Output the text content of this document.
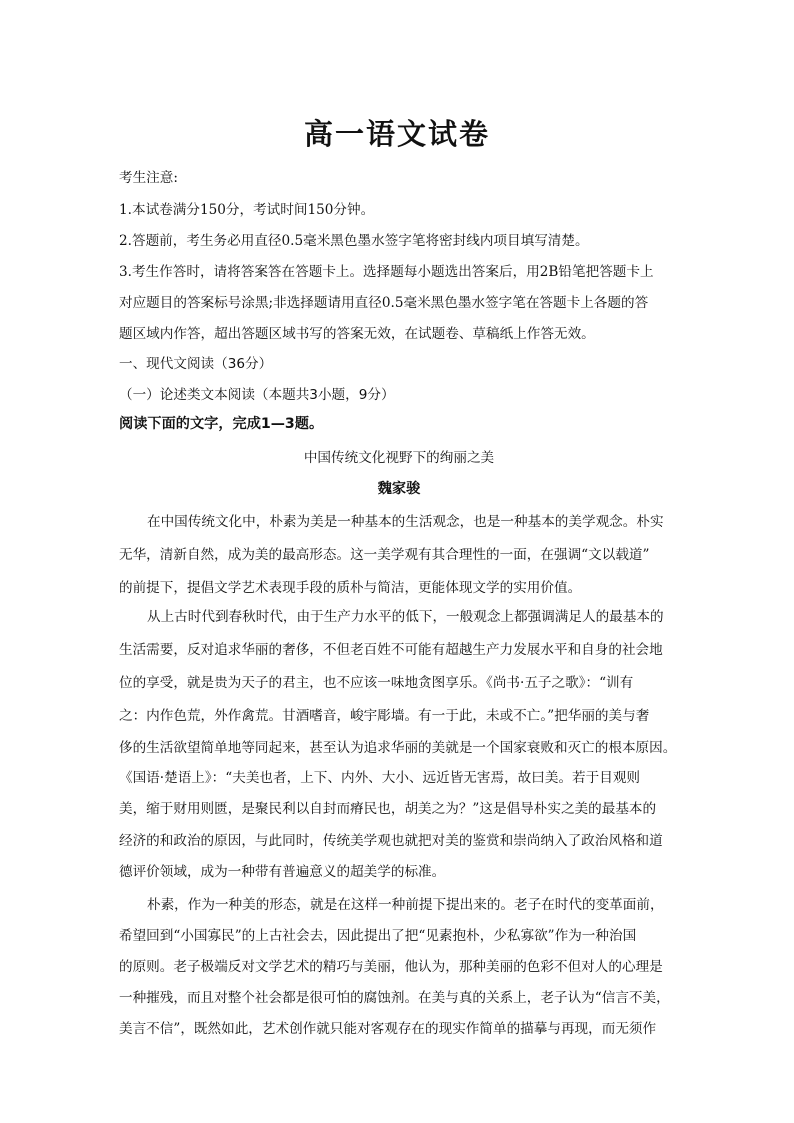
高一语文试卷
考生注意:
1.本试卷满分150分，考试时间150分钟。
2.答题前，考生务必用直径0.5毫米黑色墨水签字笔将密封线内项目填写清楚。
3.考生作答时，请将答案答在答题卡上。选择题每小题选出答案后，用2B铅笔把答题卡上
对应题目的答案标号涂黑;非选择题请用直径0.5毫米黑色墨水签字笔在答题卡上各题的答
题区域内作答，超出答题区域书写的答案无效，在试题卷、草稿纸上作答无效。
一、现代文阅读（36分）
（一）论述类文本阅读（本题共3小题，9分）
阅读下面的文字，完成1—3题。
中国传统文化视野下的绚丽之美
魏家骏
在中国传统文化中，朴素为美是一种基本的生活观念，也是一种基本的美学观念。朴实
无华，清新自然，成为美的最高形态。这一美学观有其合理性的一面，在强调“文以载道”
的前提下，提倡文学艺术表现手段的质朴与简洁，更能体现文学的实用价值。
从上古时代到春秋时代，由于生产力水平的低下，一般观念上都强调满足人的最基本的
生活需要，反对追求华丽的奢侈，不但老百姓不可能有超越生产力发展水平和自身的社会地
位的享受，就是贵为天子的君主，也不应该一味地贪图享乐。《尚书·五子之歌》：“训有
之：内作色荒，外作禽荒。甘酒嗜音，峻宇彫墙。有一于此，未或不亡。”把华丽的美与奢
侈的生活欲望简单地等同起来，甚至认为追求华丽的美就是一个国家衰败和灭亡的根本原因。
《国语·楚语上》：“夫美也者，上下、内外、大小、远近皆无害焉，故曰美。若于目观则
美，缩于财用则匮，是聚民利以自封而瘠民也，胡美之为？”这是倡导朴实之美的最基本的
经济的和政治的原因，与此同时，传统美学观也就把对美的鉴赏和崇尚纳入了政治风格和道
德评价领域，成为一种带有普遍意义的超美学的标准。
朴素，作为一种美的形态，就是在这样一种前提下提出来的。老子在时代的变革面前，
希望回到“小国寡民”的上古社会去，因此提出了把“见素抱朴，少私寡欲”作为一种治国
的原则。老子极端反对文学艺术的精巧与美丽，他认为，那种美丽的色彩不但对人的心理是
一种摧残，而且对整个社会都是很可怕的腐蚀剂。在美与真的关系上，老子认为“信言不美，
美言不信”，既然如此，艺术创作就只能对客观存在的现实作简单的描摹与再现，而无须作
